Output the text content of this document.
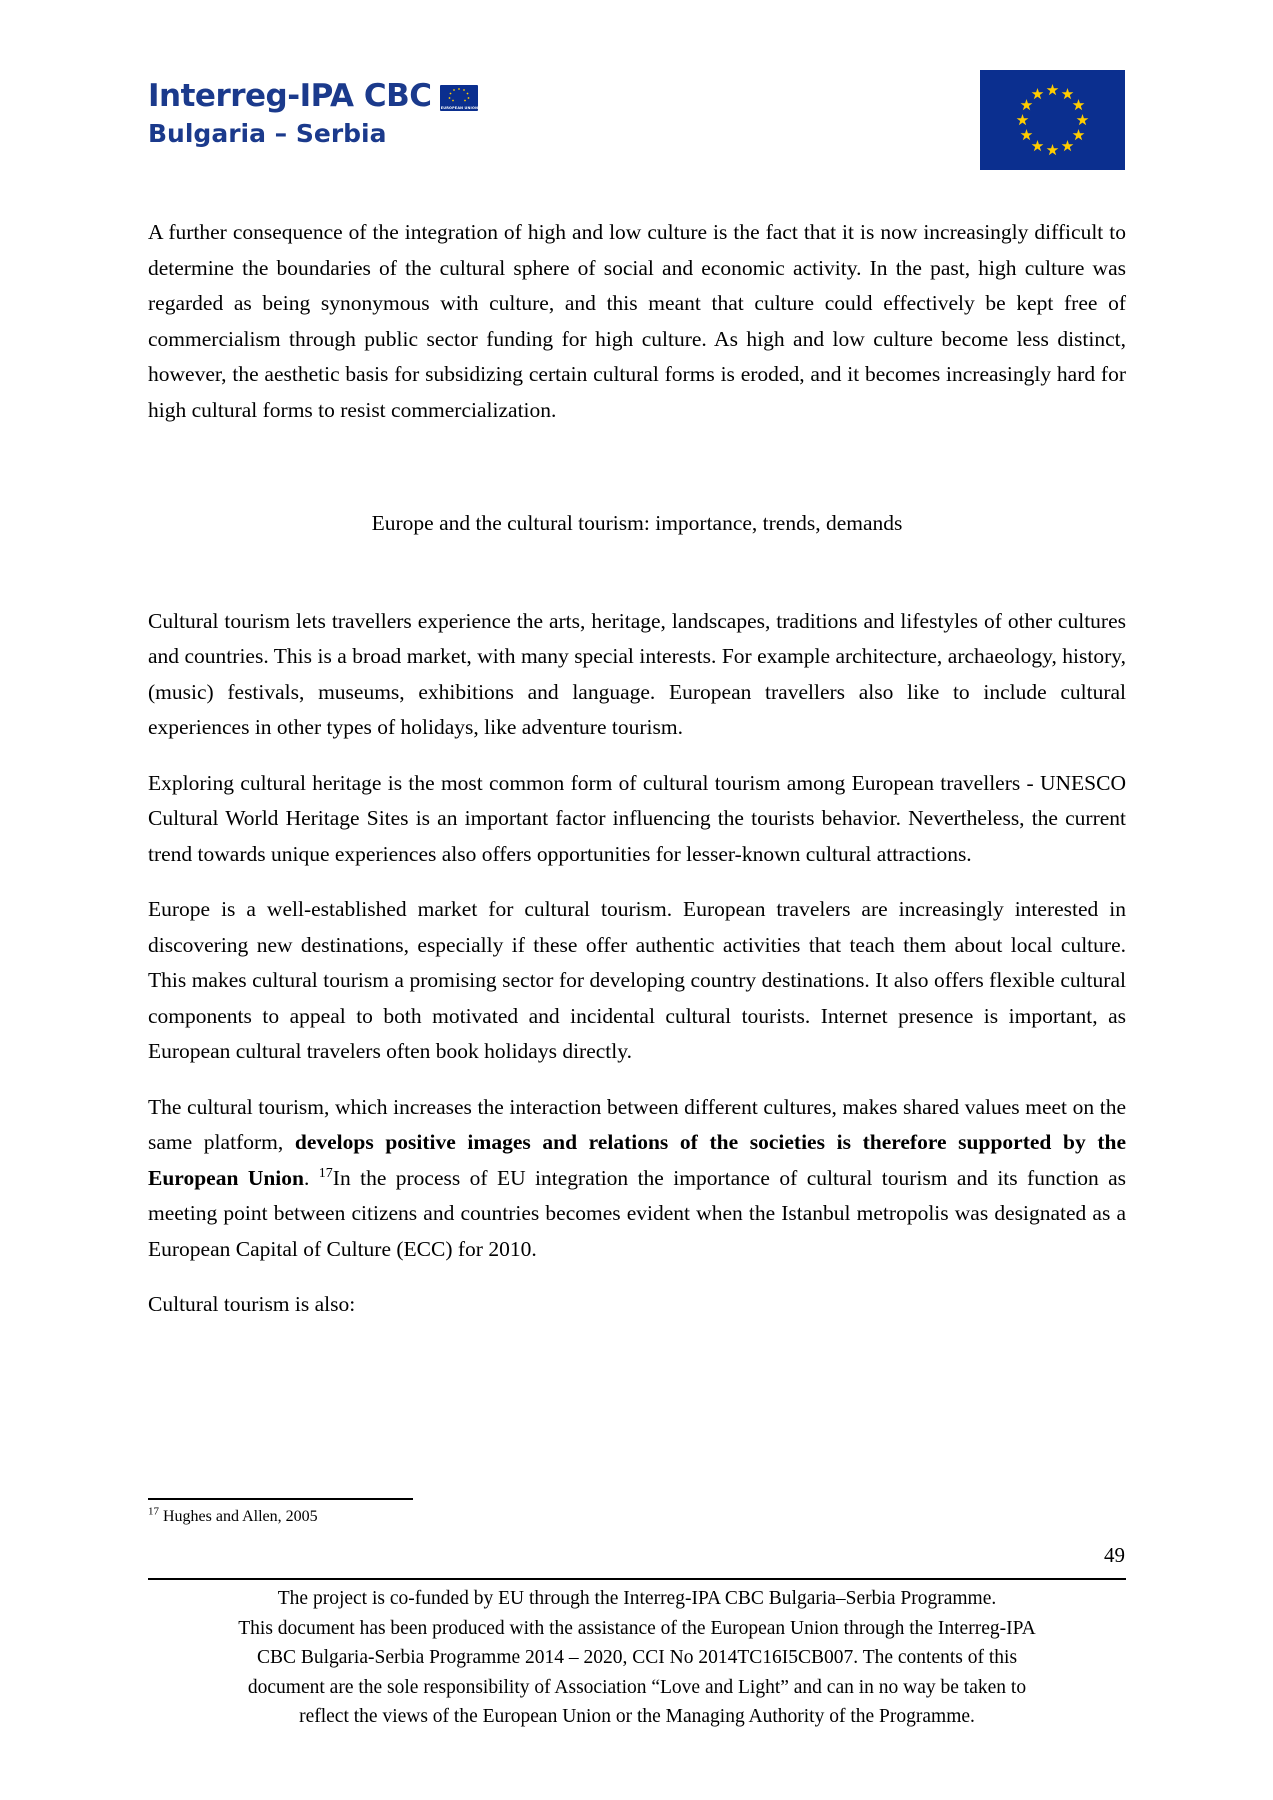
Interreg-IPA CBC	EUROPEAN UNION
Bulgaria – Serbia

A further consequence of the integration of high and low culture is the fact that it is now increasingly difficult to determine the boundaries of the cultural sphere of social and economic activity. In the past, high culture was regarded as being synonymous with culture, and this meant that culture could effectively be kept free of commercialism through public sector funding for high culture. As high and low culture become less distinct, however, the aesthetic basis for subsidizing certain cultural forms is eroded, and it becomes increasingly hard for high cultural forms to resist commercialization.

Europe and the cultural tourism: importance, trends, demands

Cultural tourism lets travellers experience the arts, heritage, landscapes, traditions and lifestyles of other cultures and countries. This is a broad market, with many special interests. For example architecture, archaeology, history, (music) festivals, museums, exhibitions and language. European travellers also like to include cultural experiences in other types of holidays, like adventure tourism.

Exploring cultural heritage is the most common form of cultural tourism among European travellers - UNESCO Cultural World Heritage Sites is an important factor influencing the tourists behavior. Nevertheless, the current trend towards unique experiences also offers opportunities for lesser-known cultural attractions.

Europe is a well-established market for cultural tourism. European travelers are increasingly interested in discovering new destinations, especially if these offer authentic activities that teach them about local culture. This makes cultural tourism a promising sector for developing country destinations. It also offers flexible cultural components to appeal to both motivated and incidental cultural tourists. Internet presence is important, as European cultural travelers often book holidays directly.

The cultural tourism, which increases the interaction between different cultures, makes shared values meet on the same platform, develops positive images and relations of the societies is therefore supported by the European Union. $^{17}$In the process of EU integration the importance of cultural tourism and its function as meeting point between citizens and countries becomes evident when the Istanbul metropolis was designated as a European Capital of Culture (ECC) for 2010.

Cultural tourism is also:

$^{17}$ Hughes and Allen, 2005
49
The project is co-funded by EU through the Interreg-IPA CBC Bulgaria–Serbia Programme.
This document has been produced with the assistance of the European Union through the Interreg-IPA
CBC Bulgaria-Serbia Programme 2014 – 2020, CCI No 2014TC16I5CB007. The contents of this
document are the sole responsibility of Association “Love and Light” and can in no way be taken to
reflect the views of the European Union or the Managing Authority of the Programme.
